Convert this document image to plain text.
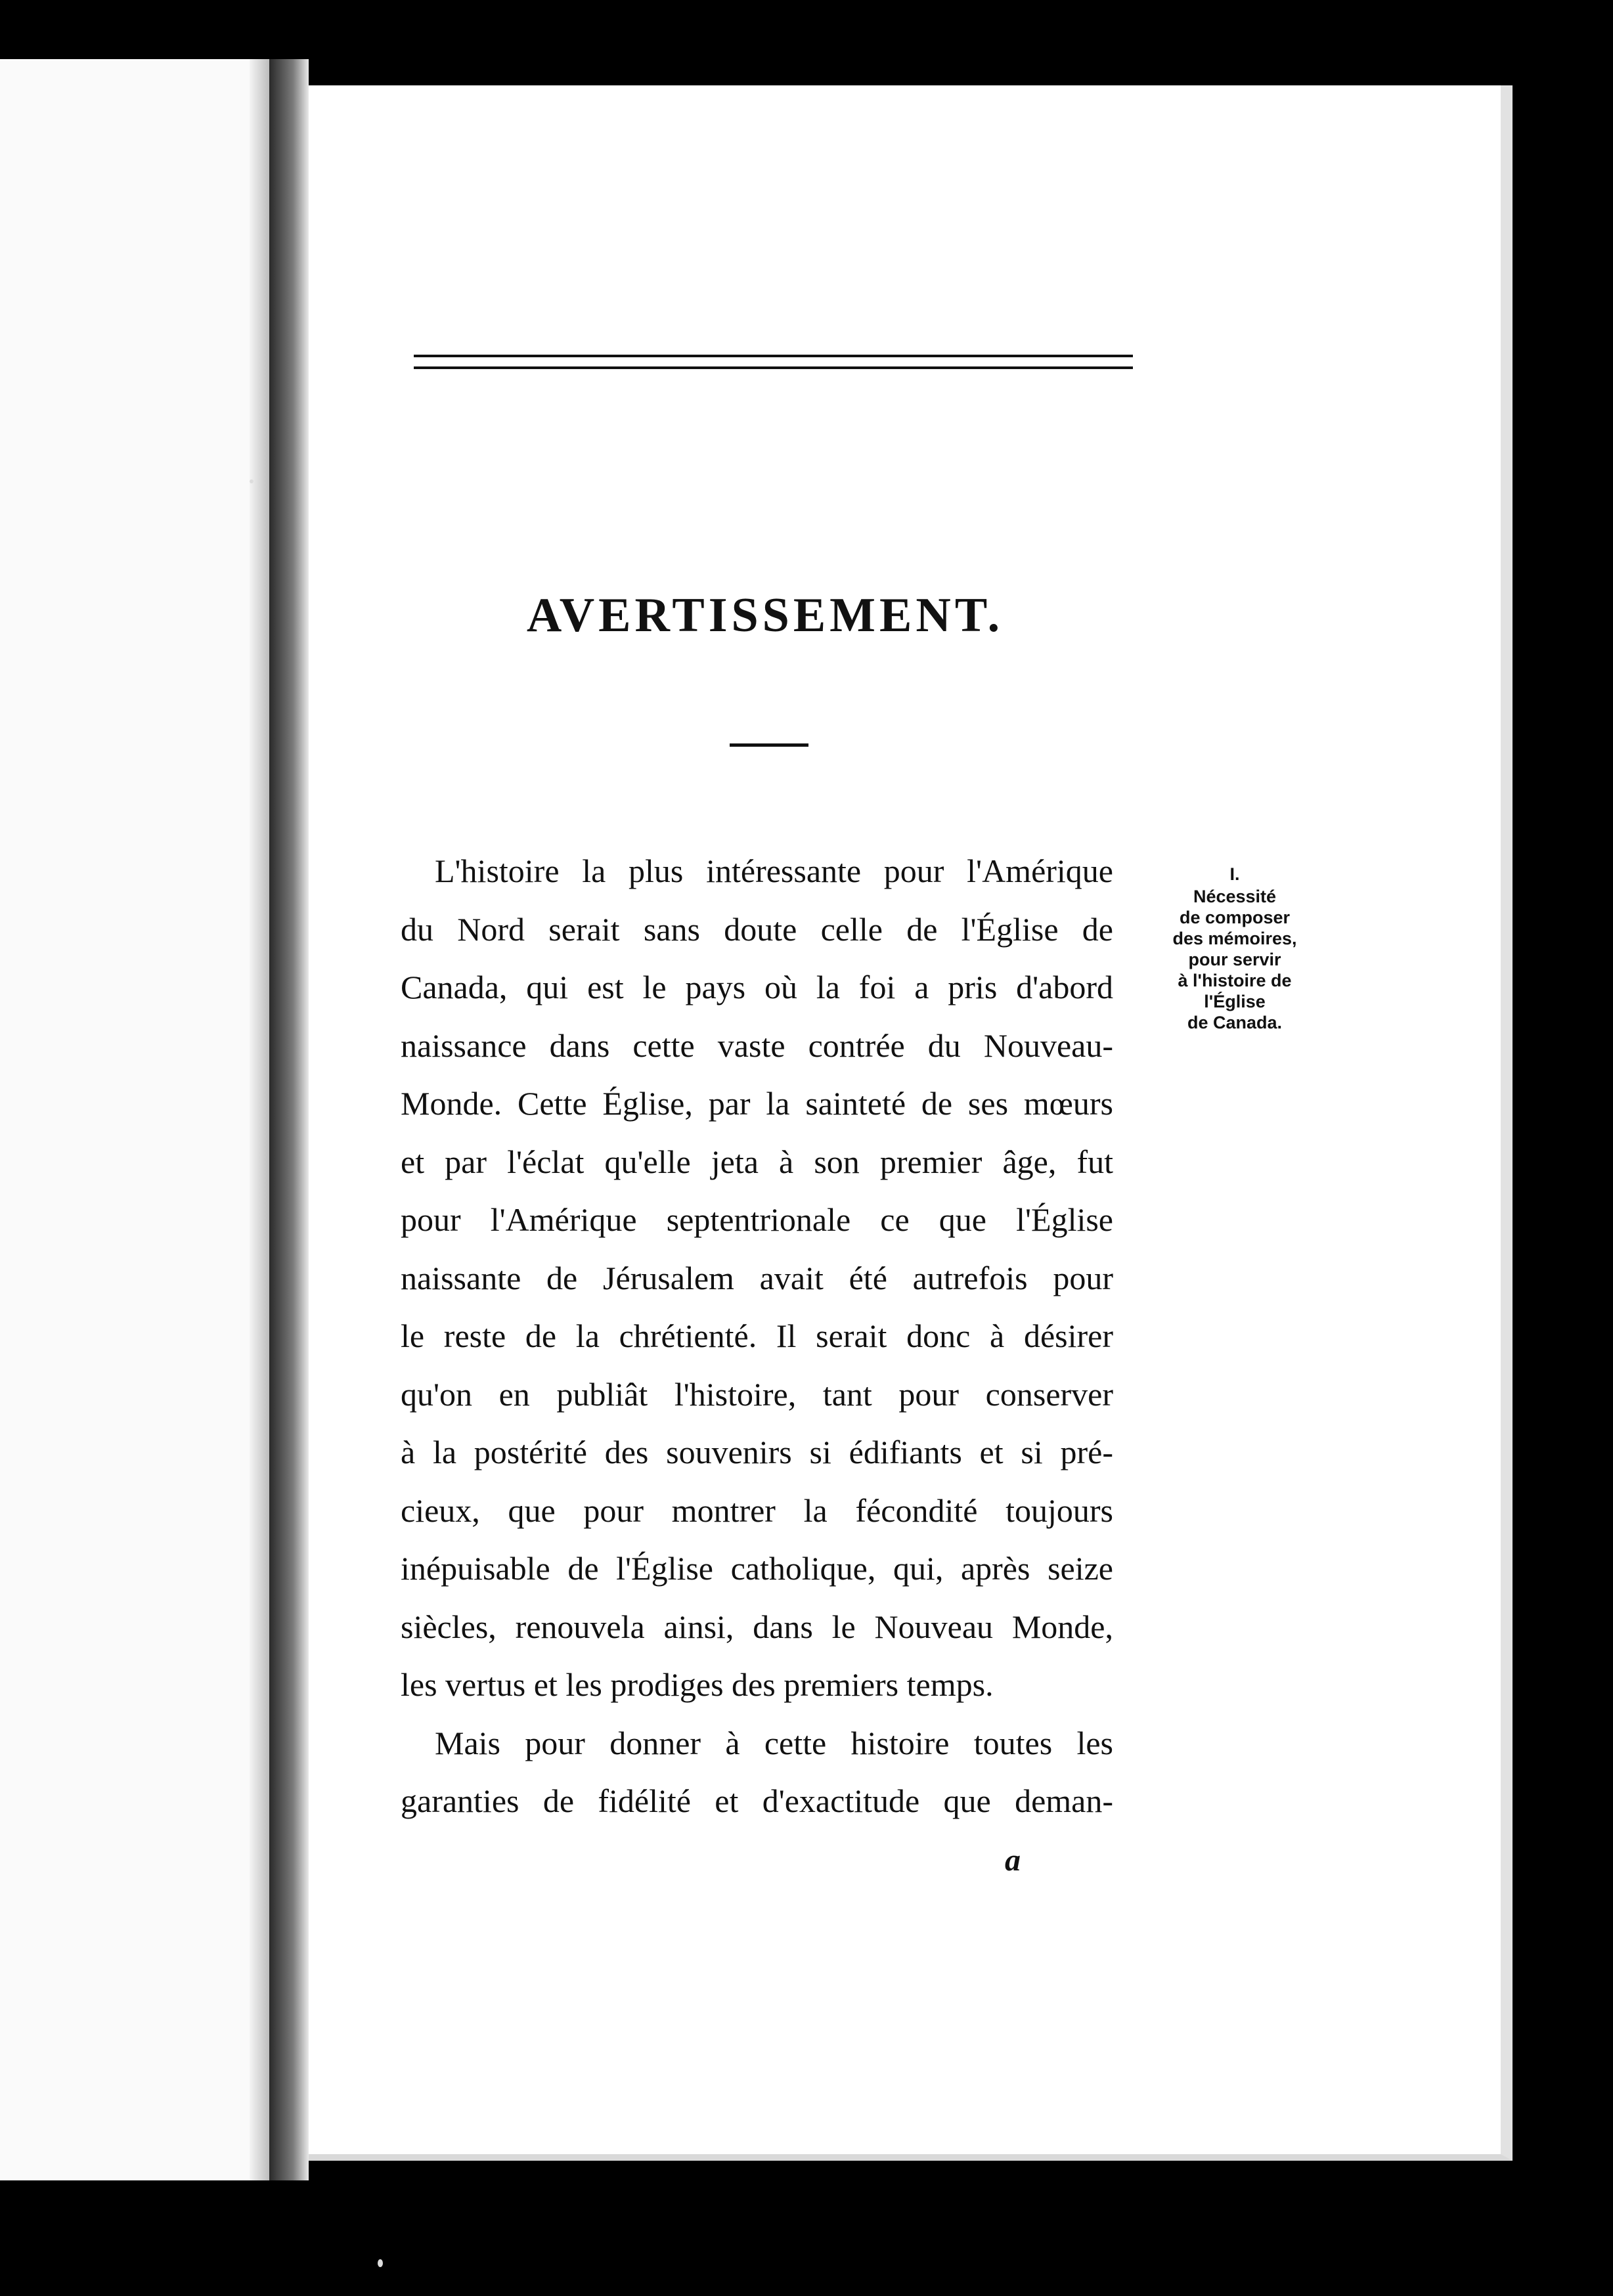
AVERTISSEMENT.
L'histoire la plus intéressante pour l'Amérique
du Nord serait sans doute celle de l'Église de
Canada, qui est le pays où la foi a pris d'abord
naissance dans cette vaste contrée du Nouveau-
Monde. Cette Église, par la sainteté de ses mœurs
et par l'éclat qu'elle jeta à son premier âge, fut
pour l'Amérique septentrionale ce que l'Église
naissante de Jérusalem avait été autrefois pour
le reste de la chrétienté. Il serait donc à désirer
qu'on en publiât l'histoire, tant pour conserver
à la postérité des souvenirs si édifiants et si pré-
cieux, que pour montrer la fécondité toujours
inépuisable de l'Église catholique, qui, après seize
siècles, renouvela ainsi, dans le Nouveau Monde,
les vertus et les prodiges des premiers temps.
Mais pour donner à cette histoire toutes les
garanties de fidélité et d'exactitude que deman-
I.
Nécessité
de composer
des mémoires,
pour servir
à l'histoire de
l'Église
de Canada.

a
